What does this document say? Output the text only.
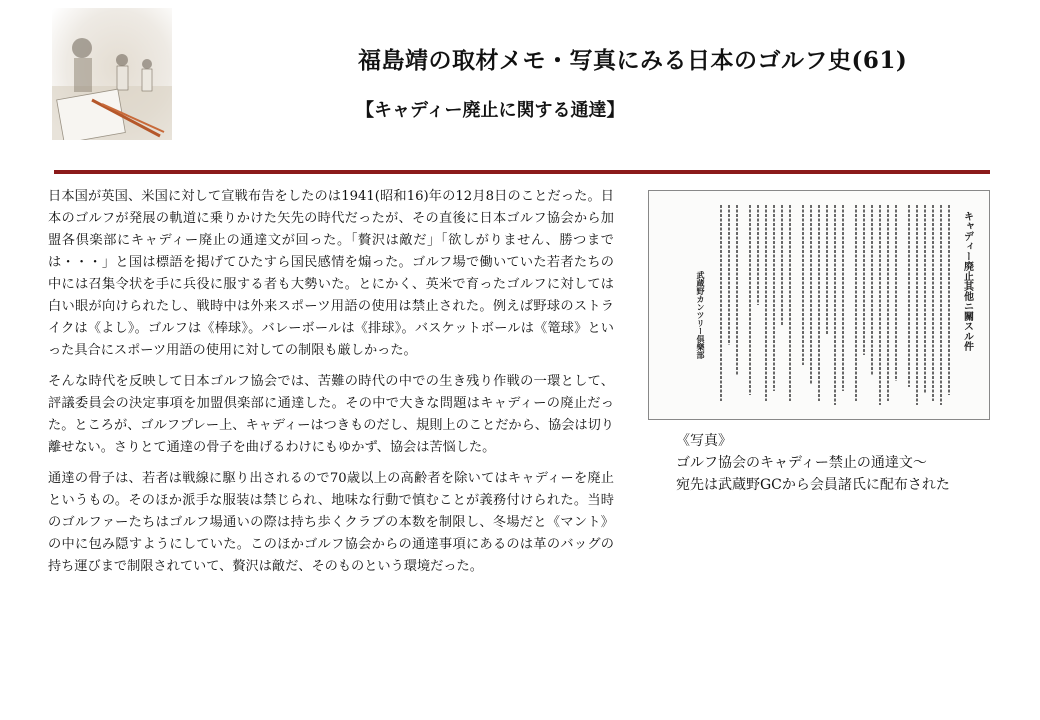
福島靖の取材メモ・写真にみる日本のゴルフ史(61)
【キャディー廃止に関する通達】

日本国が英国、米国に対して宣戦布告をしたのは1941(昭和16)年の12月8日のことだった。日本のゴルフが発展の軌道に乗りかけた矢先の時代だったが、その直後に日本ゴルフ協会から加盟各倶楽部にキャディー廃止の通達文が回った。「贅沢は敵だ」「欲しがりません、勝つまでは・・・」と国は標語を掲げてひたすら国民感情を煽った。ゴルフ場で働いていた若者たちの中には召集令状を手に兵役に服する者も大勢いた。とにかく、英米で育ったゴルフに対しては白い眼が向けられたし、戦時中は外来スポーツ用語の使用は禁止された。例えば野球のストライクは《よし》。ゴルフは《棒球》。バレーボールは《排球》。バスケットボールは《篭球》といった具合にスポーツ用語の使用に対しての制限も厳しかった。

そんな時代を反映して日本ゴルフ協会では、苦難の時代の中での生き残り作戦の一環として、評議委員会の決定事項を加盟倶楽部に通達した。その中で大きな問題はキャディーの廃止だった。ところが、ゴルフプレー上、キャディーはつきものだし、規則上のことだから、協会は切り離せない。さりとて通達の骨子を曲げるわけにもゆかず、協会は苦悩した。

通達の骨子は、若者は戦線に駆り出されるので70歳以上の高齢者を除いてはキャディーを廃止というもの。そのほか派手な服装は禁じられ、地味な行動で慎むことが義務付けられた。当時のゴルファーたちはゴルフ場通いの際は持ち歩くクラブの本数を制限し、冬場だと《マント》の中に包み隠すようにしていた。このほかゴルフ協会からの通達事項にあるのは革のバッグの持ち運びまで制限されていて、贅沢は敵だ、そのものという環境だった。

キャディー廃止其他ニ關スル件
武蔵野カンツリー倶樂部
《写真》
ゴルフ協会のキャディー禁止の通達文～
宛先は武蔵野GCから会員諸氏に配布された
